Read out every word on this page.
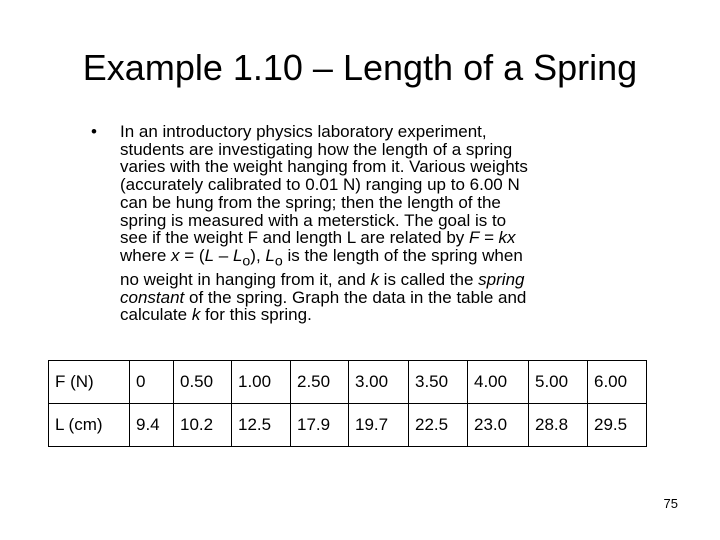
Example 1.10 – Length of a Spring
• In an introductory physics laboratory experiment,

students are investigating how the length of a spring

varies with the weight hanging from it. Various weights

(accurately calibrated to 0.01 N) ranging up to 6.00 N

can be hung from the spring; then the length of the

spring is measured with a meterstick. The goal is to

see if the weight F and length L are related by F = kx

where $x = (L - L_o)$, $L_o$ is the length of the spring when

no weight in hanging from it, and k is called the spring

constant of the spring. Graph the data in the table and

calculate k for this spring.

F (N)	0	0.50	1.00	2.50	3.00	3.50	4.00	5.00	6.00
L (cm)	9.4	10.2	12.5	17.9	19.7	22.5	23.0	28.8	29.5
75
